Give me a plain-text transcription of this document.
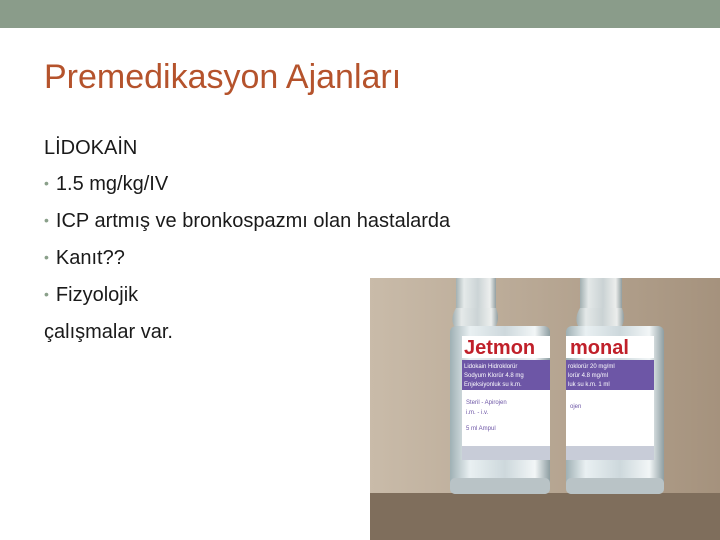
Premedikasyon Ajanları
LİDOKAİN
• 1.5 mg/kg/IV
• ICP artmış ve bronkospazmı olan hastalarda
• Kanıt??
• Fizyolojik
çalışmalar var.
Jetmon
Lidokain Hidroklorür
Sodyum Klorür 4.8 mg
Enjeksiyonluk su k.m.
Steril - Apirojen
i.m. - i.v.
5 ml Ampul
monal
roklorür 20 mg/ml
lorür 4.8 mg/ml
luk su k.m. 1 ml
ojen
